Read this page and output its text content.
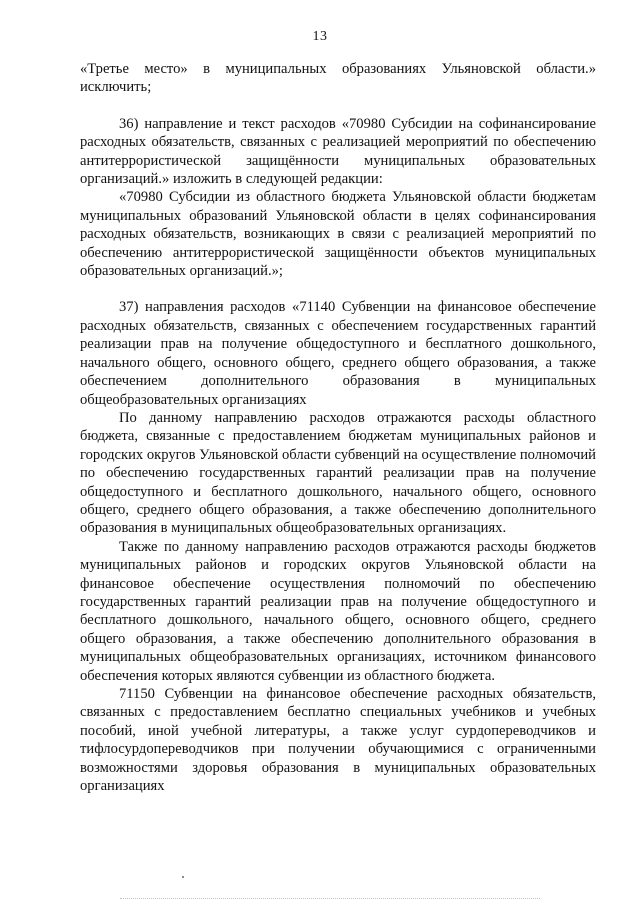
13

«Третье место» в муниципальных образованиях Ульяновской области.» исключить;

36) направление и текст расходов «70980 Субсидии на софинансирование расходных обязательств, связанных с реализацией мероприятий по обеспечению антитеррористической защищённости муниципальных образовательных организаций.» изложить в следующей редакции:

«70980 Субсидии из областного бюджета Ульяновской области бюджетам муниципальных образований Ульяновской области в целях софинансирования расходных обязательств, возникающих в связи с реализацией мероприятий по обеспечению антитеррористической защищённости объектов муниципальных образовательных организаций.»;

37) направления расходов «71140 Субвенции на финансовое обеспечение расходных обязательств, связанных с обеспечением государственных гарантий реализации прав на получение общедоступного и бесплатного дошкольного, начального общего, основного общего, среднего общего образования, а также обеспечением дополнительного образования в муниципальных общеобразовательных организациях

По данному направлению расходов отражаются расходы областного бюджета, связанные с предоставлением бюджетам муниципальных районов и городских округов Ульяновской области субвенций на осуществление полномочий по обеспечению государственных гарантий реализации прав на получение общедоступного и бесплатного дошкольного, начального общего, основного общего, среднего общего образования, а также обеспечению дополнительного образования в муниципальных общеобразовательных организациях.

Также по данному направлению расходов отражаются расходы бюджетов муниципальных районов и городских округов Ульяновской области на финансовое обеспечение осуществления полномочий по обеспечению государственных гарантий реализации прав на получение общедоступного и бесплатного дошкольного, начального общего, основного общего, среднего общего образования, а также обеспечению дополнительного образования в муниципальных общеобразовательных организациях, источником финансового обеспечения которых являются субвенции из областного бюджета.

71150 Субвенции на финансовое обеспечение расходных обязательств, связанных с предоставлением бесплатно специальных учебников и учебных пособий, иной учебной литературы, а также услуг сурдопереводчиков и тифлосурдопереводчиков при получении обучающимися с ограниченными возможностями здоровья образования в муниципальных образовательных организациях
